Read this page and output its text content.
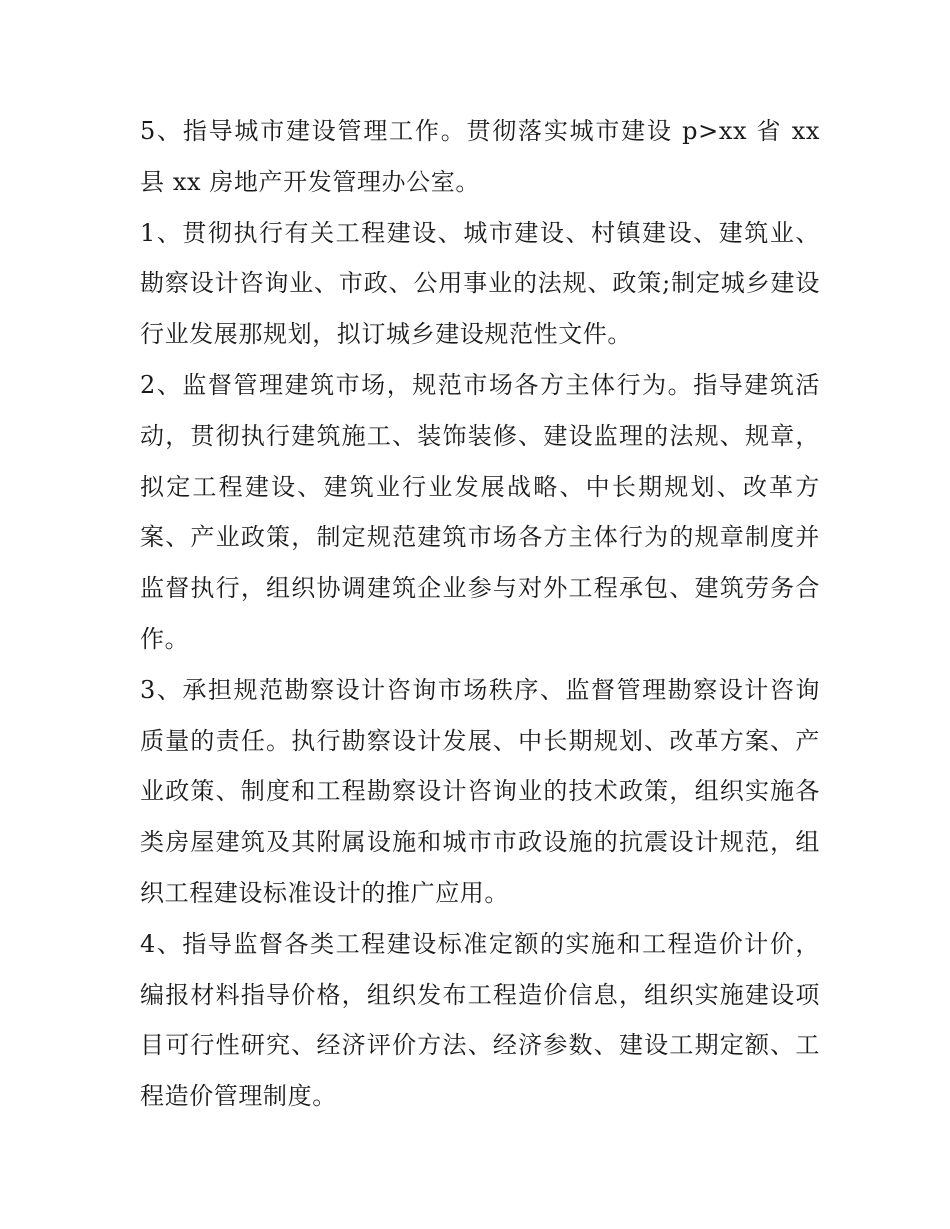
5、指导城市建设管理工作。贯彻落实城市建设 p>xx 省 xx 县 xx 房地产开发管理办公室。

1、贯彻执行有关工程建设、城市建设、村镇建设、建筑业、勘察设计咨询业、市政、公用事业的法规、政策;制定城乡建设行业发展那规划，拟订城乡建设规范性文件。

2、监督管理建筑市场，规范市场各方主体行为。指导建筑活动，贯彻执行建筑施工、装饰装修、建设监理的法规、规章，拟定工程建设、建筑业行业发展战略、中长期规划、改革方案、产业政策，制定规范建筑市场各方主体行为的规章制度并监督执行，组织协调建筑企业参与对外工程承包、建筑劳务合作。

3、承担规范勘察设计咨询市场秩序、监督管理勘察设计咨询质量的责任。执行勘察设计发展、中长期规划、改革方案、产业政策、制度和工程勘察设计咨询业的技术政策，组织实施各类房屋建筑及其附属设施和城市市政设施的抗震设计规范，组织工程建设标准设计的推广应用。

4、指导监督各类工程建设标准定额的实施和工程造价计价，编报材料指导价格，组织发布工程造价信息，组织实施建设项目可行性研究、经济评价方法、经济参数、建设工期定额、工程造价管理制度。
